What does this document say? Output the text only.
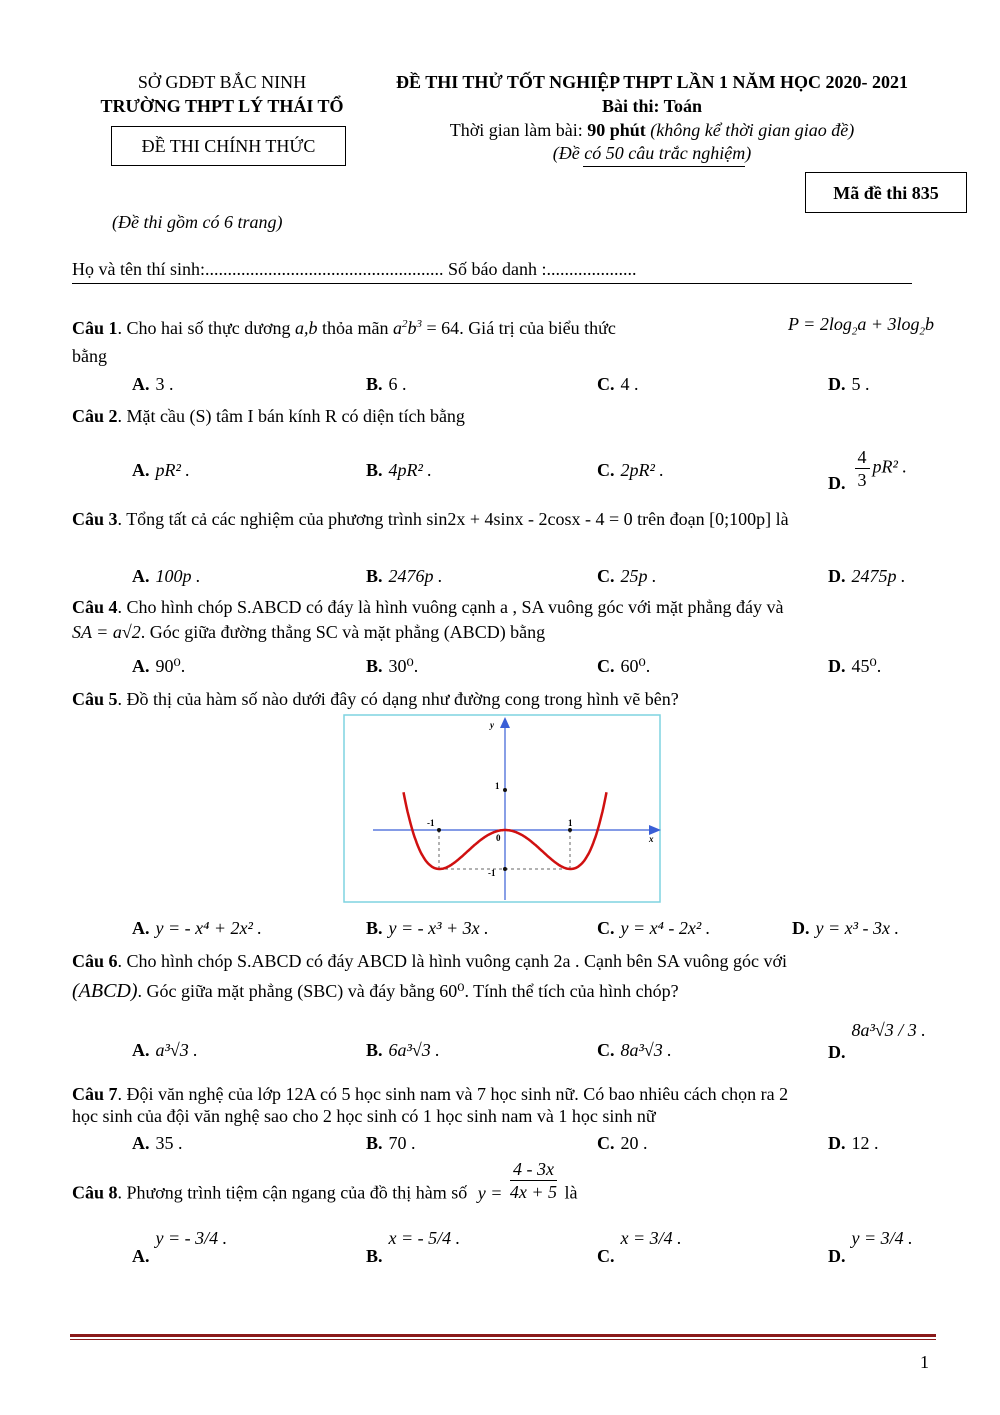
SỞ GDĐT BẮC NINH
TRƯỜNG THPT LÝ THÁI TỔ
ĐỀ THI CHÍNH THỨC
ĐỀ THI THỬ TỐT NGHIỆP THPT LẦN 1 NĂM HỌC 2020- 2021
Bài thi: Toán
Thời gian làm bài: 90 phút (không kể thời gian giao đề)
(Đề có 50 câu trắc nghiệm)
Mã đề thi 835
(Đề thi gồm có 6 trang)
Họ và tên thí sinh:..................................................... Số báo danh :....................
Câu 1. Cho hai số thực dương a,b thỏa mãn $a^2b^3 = 64$. Giá trị của biểu thức	$P = 2\log_2a + 3\log_2b$
bằng
A. 3 .	B. 6 .	C. 4 .	D. 5 .
Câu 2. Mặt cầu (S) tâm I bán kính R có diện tích bằng
A. pR² .	B. 4pR² .	C. 2pR² .
D. $\frac{4}{3} pR^2$ .
Câu 3. Tổng tất cả các nghiệm của phương trình sin2x + 4sinx - 2cosx - 4 = 0 trên đoạn [0;100p] là
A. 100p .	B. 2476p .	C. 25p .	D. 2475p .
Câu 4. Cho hình chóp S.ABCD có đáy là hình vuông cạnh a , SA vuông góc với mặt phẳng đáy và
SA = a√2. Góc giữa đường thẳng SC và mặt phẳng (ABCD) bằng
A. 90⁰.	B. 30⁰.	C. 60⁰.	D. 45⁰.
Câu 5. Đồ thị của hàm số nào dưới đây có dạng như đường cong trong hình vẽ bên?
y
x
1
0
-1
-1	1
A. y = - x⁴ + 2x² .	B. y = - x³ + 3x .	C. y = x⁴ - 2x² .	D. y = x³ - 3x .
Câu 6. Cho hình chóp S.ABCD có đáy ABCD là hình vuông cạnh 2a . Cạnh bên SA vuông góc với
(ABCD). Góc giữa mặt phẳng (SBC) và đáy bằng 60⁰. Tính thể tích của hình chóp?
A. a³√3 .	B. 6a³√3 .	C. 8a³√3 .	D.8a³√3 / 3 .
Câu 7. Đội văn nghệ của lớp 12A có 5 học sinh nam và 7 học sinh nữ. Có bao nhiêu cách chọn ra 2
học sinh của đội văn nghệ sao cho 2 học sinh có 1 học sinh nam và 1 học sinh nữ
A. 35 .	B. 70 .	C. 20 .	D. 12 .
Câu 8. Phương trình tiệm cận ngang của đồ thị hàm số $y = \frac{4 - 3x}{4x + 5}$ là
A.y = - 3/4 .
B.x = - 5/4 .
C.x = 3/4 .
D.y = 3/4 .
1
